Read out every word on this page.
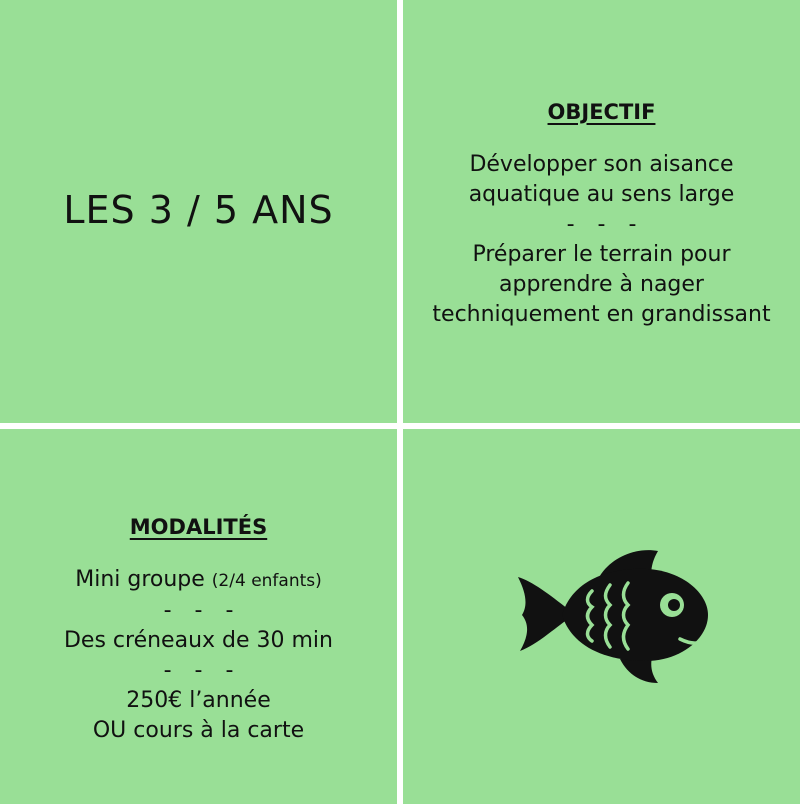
LES 3 / 5 ANS
OBJECTIF
Développer son aisance
aquatique au sens large
- - -
Préparer le terrain pour
apprendre à nager
techniquement en grandissant
MODALITÉS
Mini groupe (2/4 enfants)
- - -
Des créneaux de 30 min
- - -
250€ l’année
OU cours à la carte
